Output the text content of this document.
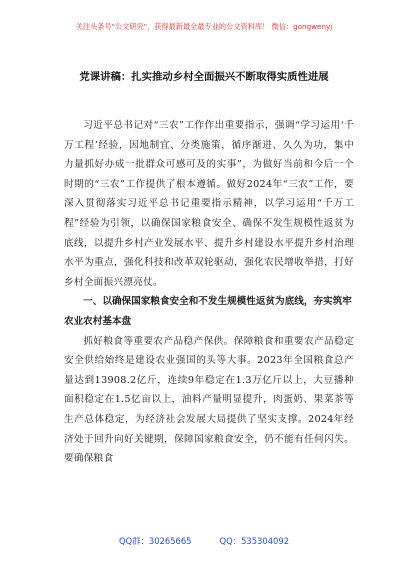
关注头条号"公文研究"，获得最新最全最专业的公文资料库！ 微信：gongwenyj
党课讲稿：扎实推动乡村全面振兴不断取得实质性进展

习近平总书记对“三农”工作作出重要指示，强调“学习运用‘千万工程’经验，因地制宜、分类施策，循序渐进、久久为功，集中力量抓好办成一批群众可感可及的实事”，为做好当前和今后一个时期的“三农”工作提供了根本遵循。做好2024年“三农”工作，要深入贯彻落实习近平总书记重要指示精神，以学习运用“千万工程”经验为引领，以确保国家粮食安全、确保不发生规模性返贫为底线，以提升乡村产业发展水平、提升乡村建设水平提升乡村治理水平为重点，强化科技和改革双轮驱动，强化农民增收举措，打好乡村全面振兴漂亮仗。

一、以确保国家粮食安全和不发生规模性返贫为底线，夯实筑牢农业农村基本盘

抓好粮食等重要农产品稳产保供。保障粮食和重要农产品稳定安全供给始终是建设农业强国的头等大事。2023年全国粮食总产量达到13908.2亿斤，连续9年稳定在1.3万亿斤以上，大豆播种面积稳定在1.5亿亩以上，油料产量明显提升，肉蛋奶、果菜茶等生产总体稳定，为经济社会发展大局提供了坚实支撑。2024年经济处于回升向好关键期，保障国家粮食安全，仍不能有任何闪失。要确保粮食

QQ群：30265665	QQ：535304092
